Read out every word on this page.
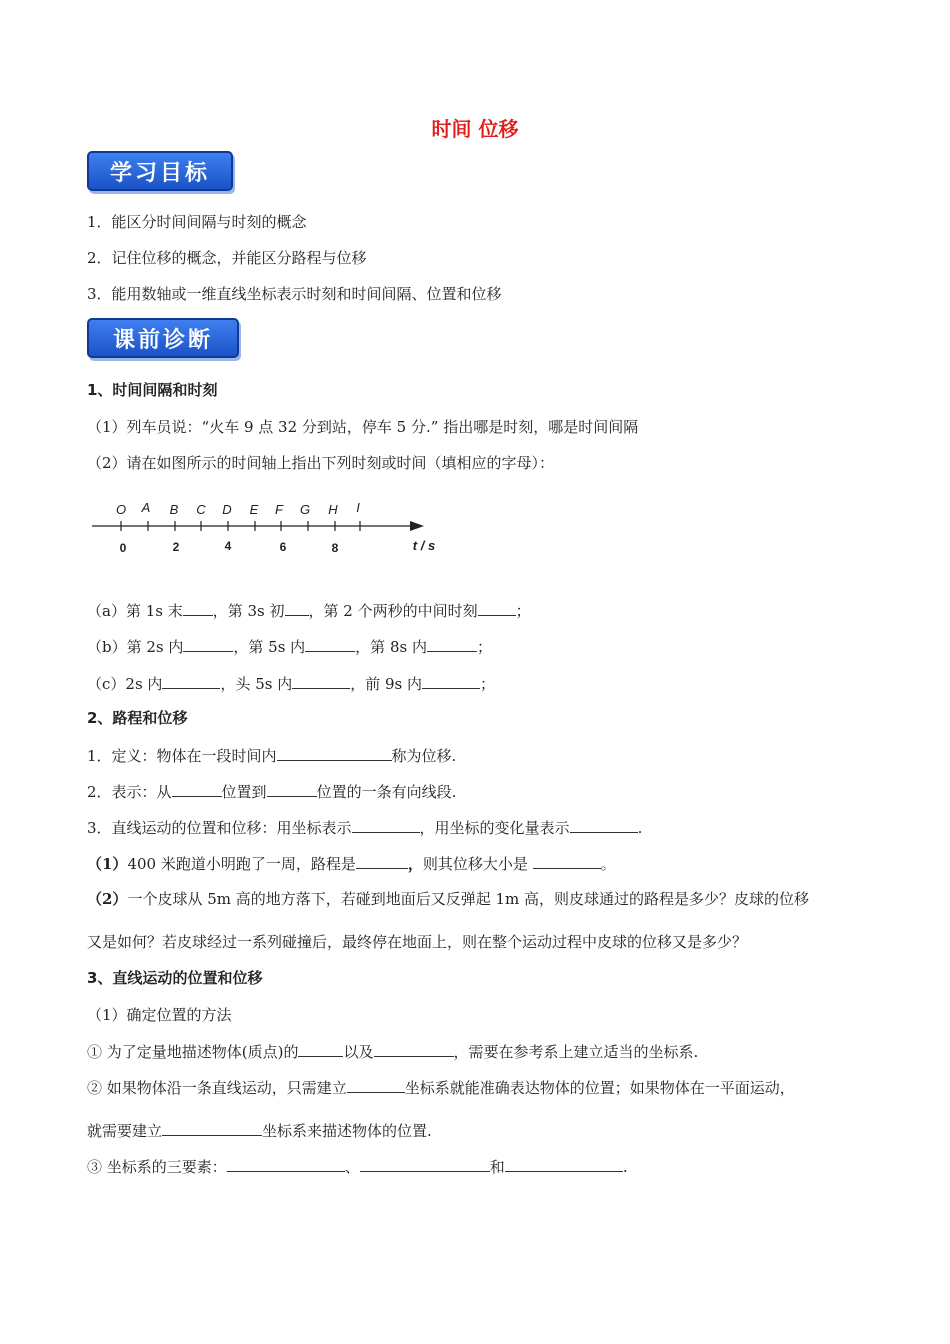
时间 位移
学习目标
1．能区分时间间隔与时刻的概念
2．记住位移的概念，并能区分路程与位移
3．能用数轴或一维直线坐标表示时刻和时间间隔、位置和位移
课前诊断
1、时间间隔和时刻
（1）列车员说：“火车 9 点 32 分到站，停车 5 分.” 指出哪是时刻，哪是时间间隔
（2）请在如图所示的时间轴上指出下列时刻或时间（填相应的字母）：
O A B C D E F G H I
0	2	4	6	8	t / s
（a）第 1s 末 ，第 3s 初 ，第 2 个两秒的中间时刻	；
（b）第 2s 内	，第 5s 内	，第 8s 内	；
（c）2s 内	，头 5s 内	，前 9s 内	；
2、路程和位移
1．定义：物体在一段时间内	称为位移.
2．表示：从	位置到	位置的一条有向线段.
3．直线运动的位置和位移：用坐标表示	，用坐标的变化量表示	.
（1）400 米跑道小明跑了一周，路程是	，则其位移大小是	。
（2）一个皮球从 5m 高的地方落下，若碰到地面后又反弹起 1m 高，则皮球通过的路程是多少？皮球的位移
又是如何？若皮球经过一系列碰撞后，最终停在地面上，则在整个运动过程中皮球的位移又是多少？
3、直线运动的位置和位移
（1）确定位置的方法
① 为了定量地描述物体(质点)的	以及	，需要在参考系上建立适当的坐标系.
② 如果物体沿一条直线运动，只需建立	坐标系就能准确表达物体的位置；如果物体在一平面运动，
就需要建立	坐标系来描述物体的位置.
③ 坐标系的三要素：	、	和	.
